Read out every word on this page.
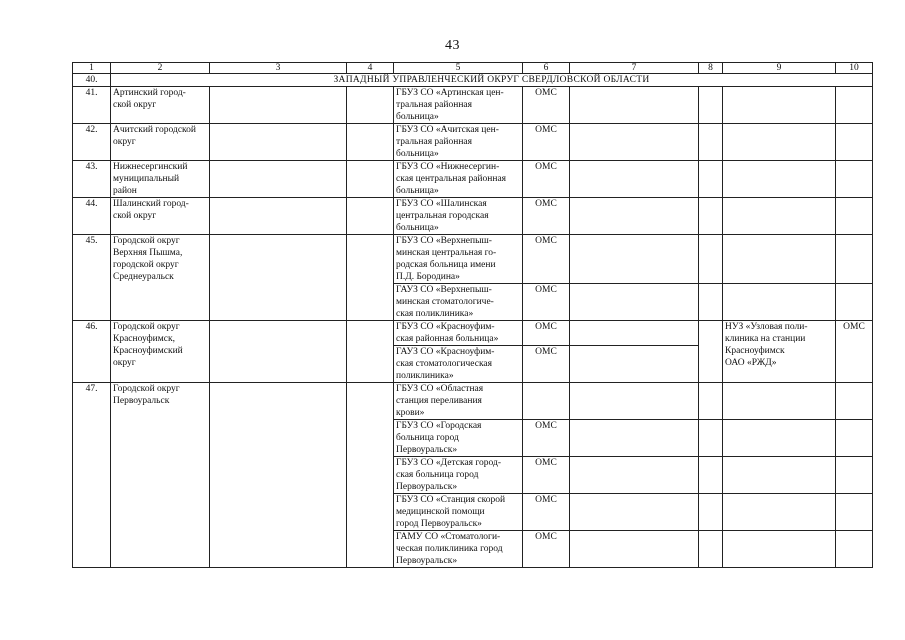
43
1	2	3	4	5	6	7	8	9	10
40.	ЗАПАДНЫЙ УПРАВЛЕНЧЕСКИЙ ОКРУГ СВЕРДЛОВСКОЙ ОБЛАСТИ								
41.	Артинский город-
ской округ			ГБУЗ СО «Артинская цен-
тральная районная
больница»	ОМС				
42.	Ачитский городской
округ			ГБУЗ СО «Ачитская цен-
тральная районная
больница»	ОМС				
43.	Нижнесергинский
муниципальный
район			ГБУЗ СО «Нижнесергин-
ская центральная районная
больница»	ОМС				
44.	Шалинский город-
ской округ			ГБУЗ СО «Шалинская
центральная городская
больница»	ОМС				
45.	Городской округ
Верхняя Пышма,
городской округ
Среднеуральск			ГБУЗ СО «Верхнепыш-
минская центральная го-
родская больница имени
П.Д. Бородина»	ОМС				
				ГАУЗ СО «Верхнепыш-
минская стоматологиче-
ская поликлиника»	ОМС				
46.	Городской округ
Красноуфимск,
Красноуфимский
округ			ГБУЗ СО «Красноуфим-
ская районная больница»	ОМС			НУЗ «Узловая поли-
клиника на станции
Красноуфимск
ОАО «РЖД»	ОМС
				ГАУЗ СО «Красноуфим-
ская стоматологическая
поликлиника»	ОМС				
47.	Городской округ
Первоуральск			ГБУЗ СО «Областная
станция переливания
крови»					
				ГБУЗ СО «Городская
больница город
Первоуральск»	ОМС				
				ГБУЗ СО «Детская город-
ская больница город
Первоуральск»	ОМС				
				ГБУЗ СО «Станция скорой
медицинской помощи
город Первоуральск»	ОМС				
				ГАМУ СО «Стоматологи-
ческая поликлиника город
Первоуральск»	ОМС				
